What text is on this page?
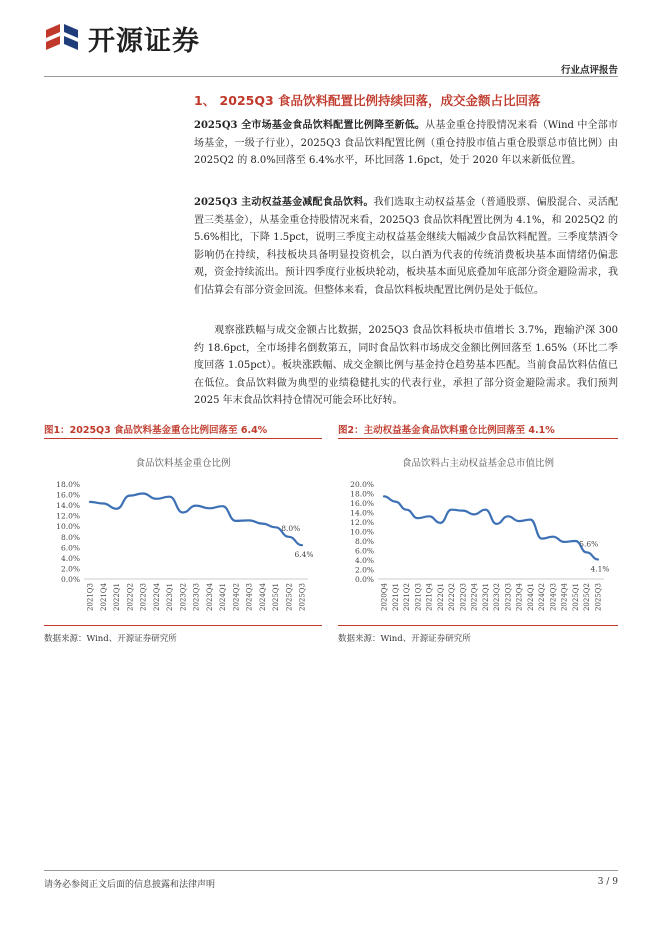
开源证券
行业点评报告
1、 2025Q3 食品饮料配置比例持续回落，成交金额占比回落

2025Q3 全市场基金食品饮料配置比例降至新低。从基金重仓持股情况来看（Wind 中全部市场基金，一级子行业），2025Q3 食品饮料配置比例（重仓持股市值占重仓股票总市值比例）由 2025Q2 的 8.0%回落至 6.4%水平，环比回落 1.6pct，处于 2020 年以来新低位置。

2025Q3 主动权益基金减配食品饮料。我们选取主动权益基金（普通股票、偏股混合、灵活配置三类基金），从基金重仓持股情况来看，2025Q3 食品饮料配置比例为 4.1%，和 2025Q2 的 5.6%相比，下降 1.5pct，说明三季度主动权益基金继续大幅减少食品饮料配置。三季度禁酒令影响仍在持续，科技板块具备明显投资机会，以白酒为代表的传统消费板块基本面情绪仍偏悲观，资金持续流出。预计四季度行业板块轮动，板块基本面见底叠加年底部分资金避险需求，我们估算会有部分资金回流。但整体来看，食品饮料板块配置比例仍是处于低位。

观察涨跌幅与成交金额占比数据，2025Q3 食品饮料板块市值增长 3.7%，跑输沪深 300 约 18.6pct，全市场排名倒数第五，同时食品饮料市场成交金额比例回落至 1.65%（环比二季度回落 1.05pct）。板块涨跌幅、成交金额比例与基金持仓趋势基本匹配。当前食品饮料估值已在低位。食品饮料做为典型的业绩稳健扎实的代表行业，承担了部分资金避险需求。我们预判 2025 年末食品饮料持仓情况可能会环比好转。

图1：2025Q3 食品饮料基金重仓比例回落至 6.4%	图2：主动权益基金食品饮料重仓比例回落至 4.1%
食品饮料基金重仓比例
0.0%
2.0%
4.0%
6.0%
8.0%
10.0%
12.0%
14.0%
16.0%
18.0%
2021Q3 2021Q4 2022Q1 2022Q2 2022Q3 2022Q4 2023Q1 2023Q2 2023Q3 2023Q4 2024Q1 2024Q2 2024Q3 2024Q4 2025Q1 2025Q2 2025Q3
8.0%
6.4%
食品饮料占主动权益基金总市值比例
0.0%
2.0%
4.0%
6.0%
8.0%
10.0%
12.0%
14.0%
16.0%
18.0%
20.0%
2020Q4 2021Q1 2021Q2 2021Q3 2021Q4 2022Q1 2022Q2 2022Q3 2022Q4 2023Q1 2023Q2 2023Q3 2023Q4 2024Q1 2024Q2 2024Q3 2024Q4 2025Q1 2025Q2 2025Q3
5.6%
4.1%
数据来源：Wind、开源证券研究所	数据来源：Wind、开源证券研究所
请务必参阅正文后面的信息披露和法律声明	3 / 9
